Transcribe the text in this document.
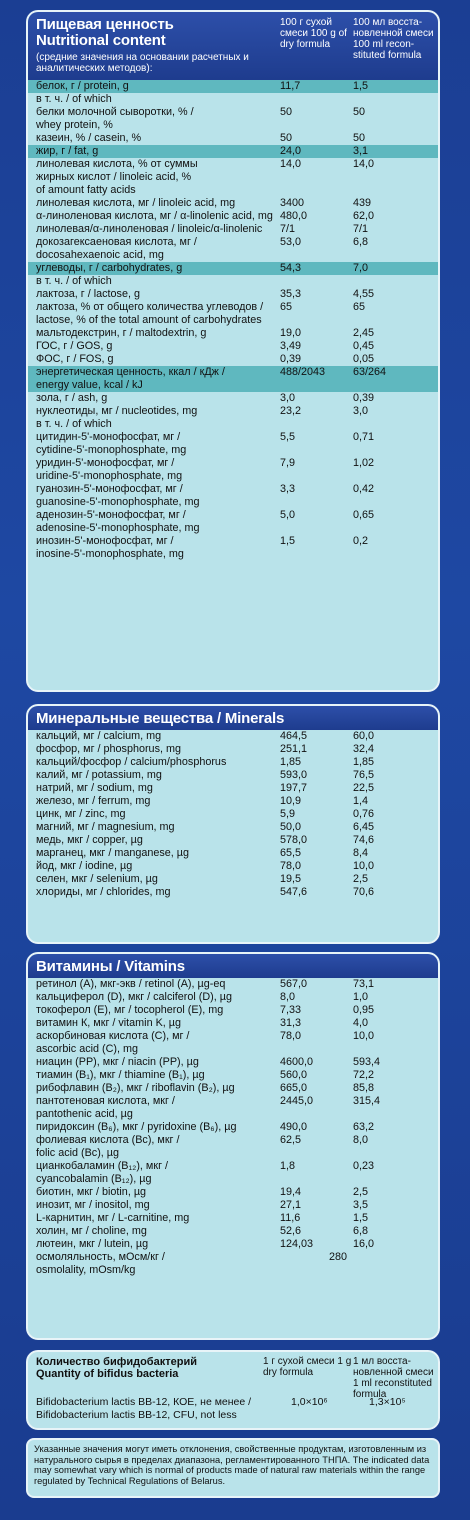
Пищевая ценность
Nutritional content
(средние значения на основании расчетных и аналитических методов):
100 г сухой смеси 100 g of dry formula
100 мл восста-новленной смеси 100 ml recon-stituted formula
белок, г / protein, g	11,7	1,5
в т. ч. / of which
белки молочной сыворотки, % /	50	50
whey protein, %
казеин, % / casein, %	50	50
жир, г / fat, g	24,0	3,1
линолевая кислота, % от суммы	14,0	14,0
жирных кислот / linoleic acid, %
of amount fatty acids
линолевая кислота, мг / linoleic acid, mg	3400	439
α-линоленовая кислота, мг / α-linolenic acid, mg 480,0	62,0
линолевая/α-линоленовая / linoleic/α-linolenic	7/1	7/1
докозагексаеновая кислота, мг /	53,0	6,8
docosahexaenoic acid, mg
углеводы, г / carbohydrates, g	54,3	7,0
в т. ч. / of which
лактоза, г / lactose, g	35,3	4,55
лактоза, % от общего количества углеводов /	65	65
lactose, % of the total amount of carbohydrates
мальтодекстрин, г / maltodextrin, g	19,0	2,45
ГОС, г / GOS, g	3,49	0,45
ФОС, г / FOS, g	0,39	0,05
энергетическая ценность, ккал / кДж /	488/2043	63/264
energy value, kcal / kJ
зола, г / ash, g	3,0	0,39
нуклеотиды, мг / nucleotides, mg	23,2	3,0
в т. ч. / of which
цитидин-5'-монофосфат, мг /	5,5	0,71
cytidine-5'-monophosphate, mg
уридин-5'-монофосфат, мг /	7,9	1,02
uridine-5'-monophosphate, mg
гуанозин-5'-монофосфат, мг /	3,3	0,42
guanosine-5'-monophosphate, mg
аденозин-5'-монофосфат, мг /	5,0	0,65
adenosine-5'-monophosphate, mg
инозин-5'-монофосфат, мг /	1,5	0,2
inosine-5'-monophosphate, mg
Минеральные вещества / Minerals
кальций, мг / calcium, mg	464,5	60,0
фосфор, мг / phosphorus, mg	251,1	32,4
кальций/фосфор / calcium/phosphorus	1,85	1,85
калий, мг / potassium, mg	593,0	76,5
натрий, мг / sodium, mg	197,7	22,5
железо, мг / ferrum, mg	10,9	1,4
цинк, мг / zinc, mg	5,9	0,76
магний, мг / magnesium, mg	50,0	6,45
медь, мкг / copper, µg	578,0	74,6
марганец, мкг / manganese, µg	65,5	8,4
йод, мкг / iodine, µg	78,0	10,0
селен, мкг / selenium, µg	19,5	2,5
хлориды, мг / chlorides, mg	547,6	70,6
Витамины / Vitamins
ретинол (А), мкг-экв / retinol (A), µg-eq	567,0	73,1
кальциферол (D), мкг / calciferol (D), µg	8,0	1,0
токоферол (Е), мг / tocopherol (E), mg	7,33	0,95
витамин К, мкг / vitamin K, µg	31,3	4,0
аскорбиновая кислота (С), мг /	78,0	10,0
ascorbic acid (C), mg
ниацин (РР), мкг / niacin (PP), µg	4600,0	593,4
тиамин (B₁), мкг / thiamine (B₁), µg	560,0	72,2
рибофлавин (B₂), мкг / riboflavin (B₂), µg	665,0	85,8
пантотеновая кислота, мкг /	2445,0	315,4
pantothenic acid, µg
пиридоксин (B₆), мкг / pyridoxine (B₆), µg	490,0	63,2
фолиевая кислота (Bc), мкг /	62,5	8,0
folic acid (Bc), µg
цианкобаламин (B₁₂), мкг /	1,8	0,23
cyancobalamin (B₁₂), µg
биотин, мкг / biotin, µg	19,4	2,5
инозит, мг / inositol, mg	27,1	3,5
L-карнитин, мг / L-carnitine, mg	11,6	1,5
холин, мг / choline, mg	52,6	6,8
лютеин, мкг / lutein, µg	124,03	16,0
осмоляльность, мОсм/кг /	280
osmolality, mOsm/kg
Количество бифидобактерий
Quantity of bifidus bacteria
1 г сухой смеси 1 g dry formula
1 мл восста-новленной смеси 1 ml reconstituted formula
Bifidobacterium lactis BB-12, КОЕ, не менее /
Bifidobacterium lactis BB-12, CFU, not less
1,0×10⁶	1,3×10⁵
Указанные значения могут иметь отклонения, свойственные продуктам, изготовленным из натурального сырья в пределах диапазона, регламентированного ТНПА. The indicated data may somewhat vary which is normal of products made of natural raw materials within the range regulated by Technical Regulations of Belarus.
